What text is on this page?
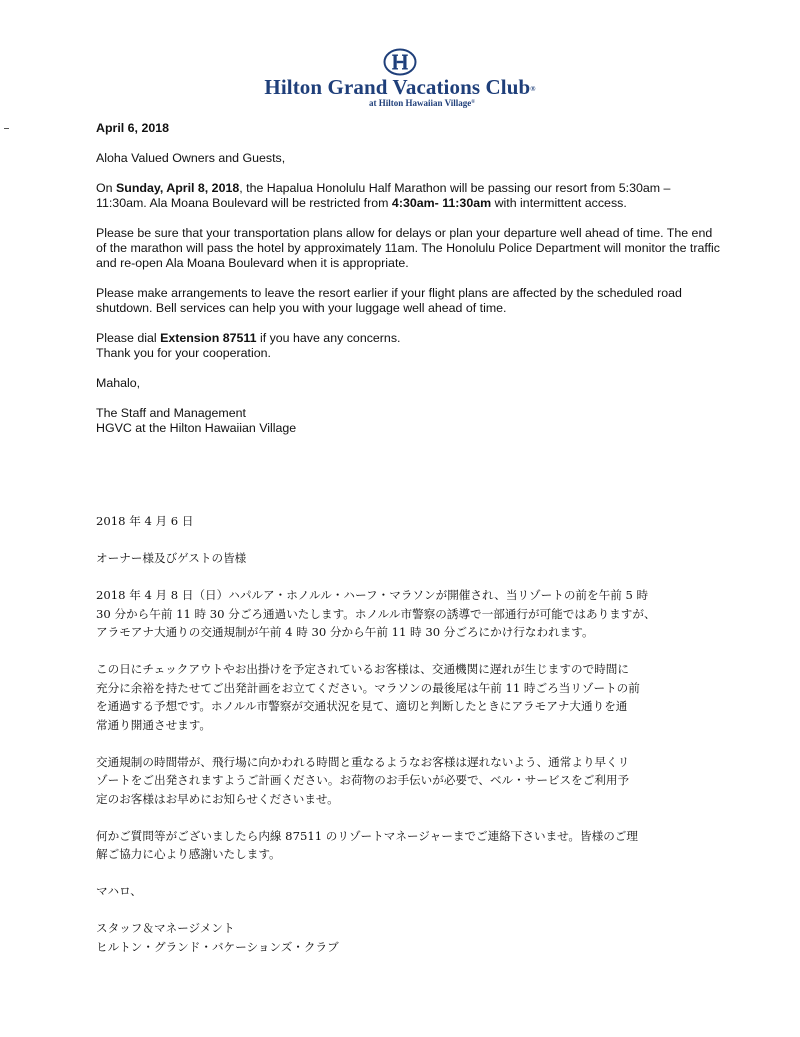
Hilton Grand Vacations Club®
at Hilton Hawaiian Village®

April 6, 2018

Aloha Valued Owners and Guests,

On Sunday, April 8, 2018, the Hapalua Honolulu Half Marathon will be passing our resort from 5:30am – 11:30am. Ala Moana Boulevard will be restricted from 4:30am- 11:30am with intermittent access.

Please be sure that your transportation plans allow for delays or plan your departure well ahead of time. The end of the marathon will pass the hotel by approximately 11am. The Honolulu Police Department will monitor the traffic and re-open Ala Moana Boulevard when it is appropriate.

Please make arrangements to leave the resort earlier if your flight plans are affected by the scheduled road shutdown. Bell services can help you with your luggage well ahead of time.

Please dial Extension 87511 if you have any concerns.

Thank you for your cooperation.

Mahalo,

The Staff and Management

HGVC at the Hilton Hawaiian Village

2018 年 4 月 6 日

オーナー様及びゲストの皆様

2018 年 4 月 8 日（日）ハパルア・ホノルル・ハーフ・マラソンが開催され、当リゾートの前を午前 5 時
30 分から午前 11 時 30 分ごろ通過いたします。ホノルル市警察の誘導で一部通行が可能ではありますが、
アラモアナ大通りの交通規制が午前 4 時 30 分から午前 11 時 30 分ごろにかけ行なわれます。

この日にチェックアウトやお出掛けを予定されているお客様は、交通機関に遅れが生じますので時間に
充分に余裕を持たせてご出発計画をお立てください。マラソンの最後尾は午前 11 時ごろ当リゾートの前
を通過する予想です。ホノルル市警察が交通状況を見て、適切と判断したときにアラモアナ大通りを通
常通り開通させます。

交通規制の時間帯が、飛行場に向かわれる時間と重なるようなお客様は遅れないよう、通常より早くリ
ゾートをご出発されますようご計画ください。お荷物のお手伝いが必要で、ベル・サービスをご利用予
定のお客様はお早めにお知らせくださいませ。

何かご質問等がございましたら内線 87511 のリゾートマネージャーまでご連絡下さいませ。皆様のご理
解ご協力に心より感謝いたします。

マハロ、

スタッフ＆マネージメント

ヒルトン・グランド・バケーションズ・クラブ
